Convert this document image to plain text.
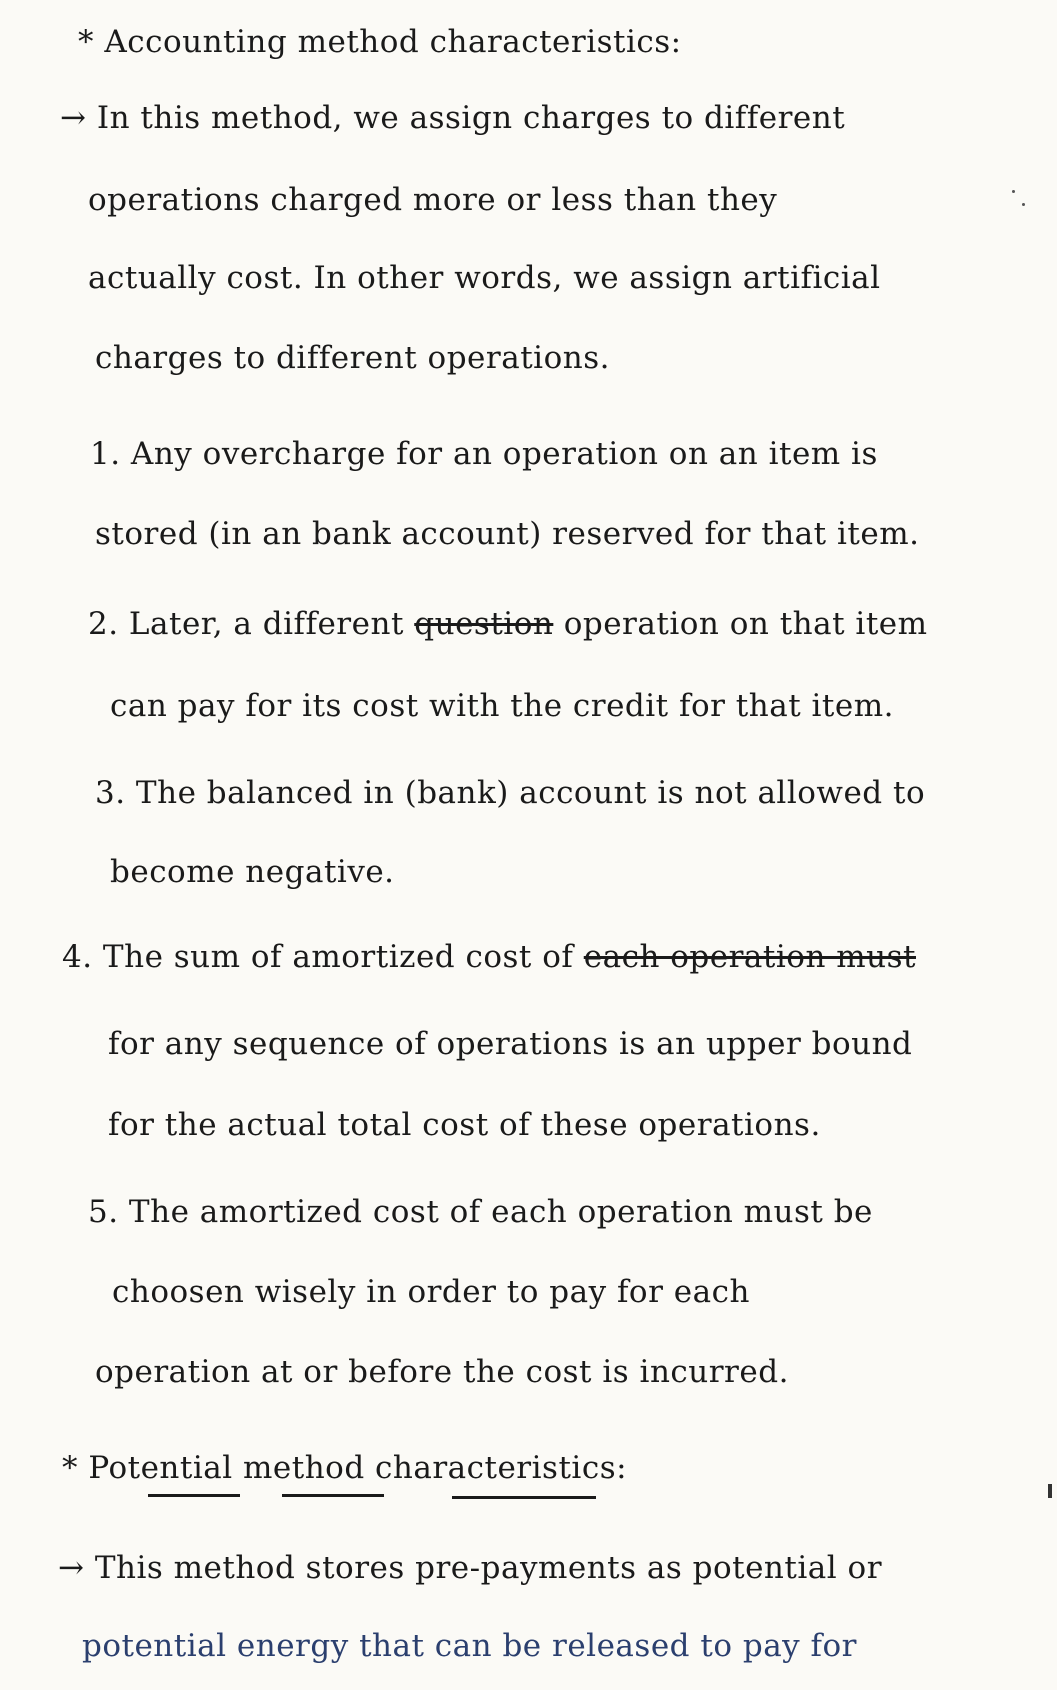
* Accounting method characteristics:
→ In this method, we assign charges to different
operations charged more or less than they
actually cost. In other words, we assign artificial
charges to different operations.
1. Any overcharge for an operation on an item is
stored (in an bank account) reserved for that item.
2. Later, a different question operation on that item
can pay for its cost with the credit for that item.
3. The balanced in (bank) account is not allowed to
become negative.
4. The sum of amortized cost of each operation must
for any sequence of operations is an upper bound
for the actual total cost of these operations.
5. The amortized cost of each operation must be
choosen wisely in order to pay for each
operation at or before the cost is incurred.
* Potential method characteristics:
→ This method stores pre-payments as potential or
potential energy that can be released to pay for
